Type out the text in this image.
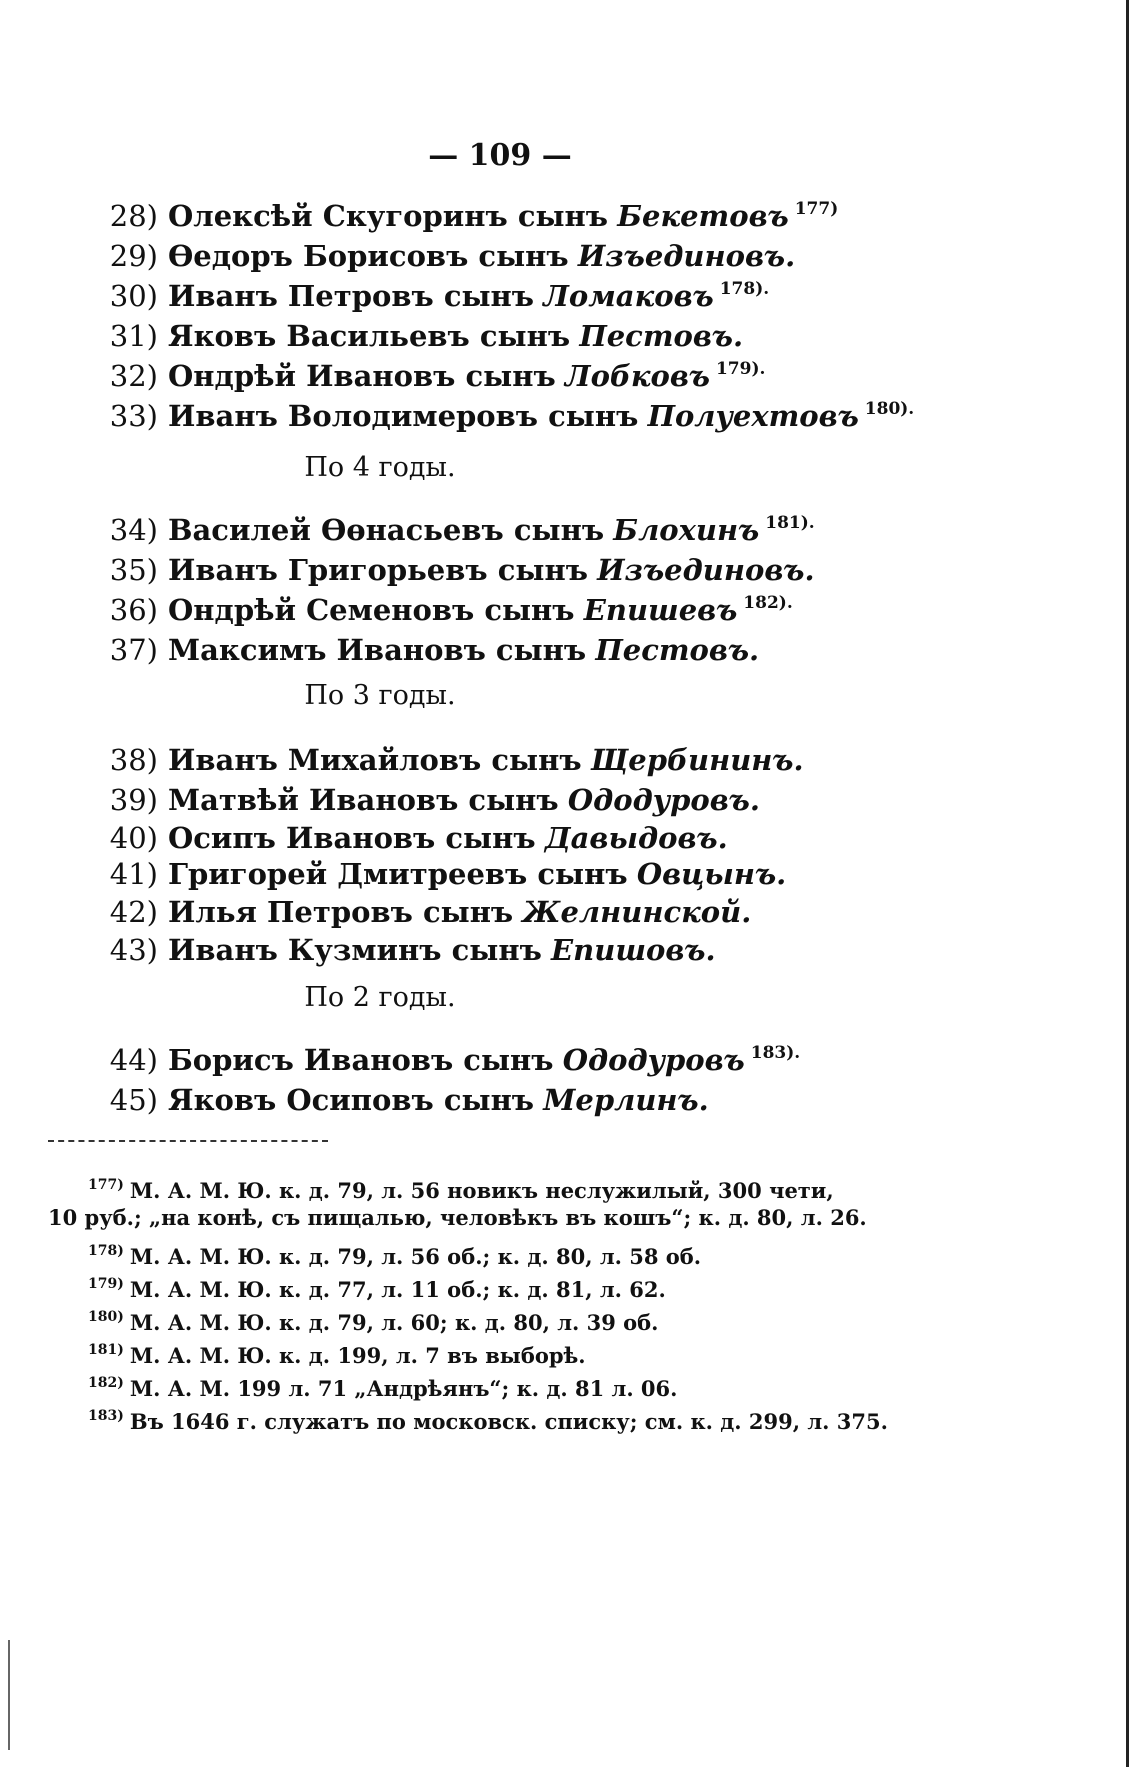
— 109 —
28) Олексѣй Скугоринъ сынъ Бекетовъ $^{177)}$
29) Өедоръ Борисовъ сынъ Изъединовъ.
30) Иванъ Петровъ сынъ Ломаковъ $^{178).}$
31) Яковъ Васильевъ сынъ Пестовъ.
32) Ондрѣй Ивановъ сынъ Лобковъ $^{179).}$
33) Иванъ Володимеровъ сынъ Полуехтовъ $^{180).}$
По 4 годы.
34) Василей Өөнасьевъ сынъ Блохинъ $^{181).}$
35) Иванъ Григорьевъ сынъ Изъединовъ.
36) Ондрѣй Семеновъ сынъ Епишевъ $^{182).}$
37) Максимъ Ивановъ сынъ Пестовъ.
По 3 годы.
38) Иванъ Михайловъ сынъ Щербининъ.
39) Матвѣй Ивановъ сынъ Ододуровъ.
40) Осипъ Ивановъ сынъ Давыдовъ.
41) Григорей Дмитреевъ сынъ Овцынъ.
42) Илья Петровъ сынъ Желнинской.
43) Иванъ Кузминъ сынъ Епишовъ.
По 2 годы.
44) Борисъ Ивановъ сынъ Ододуровъ $^{183).}$
45) Яковъ Осиповъ сынъ Мерлинъ.
$^{177)}$ М. А. М. Ю. к. д. 79, л. 56 новикъ неслужилый, 300 чети,
10 руб.; „на конѣ, съ пищалью, человѣкъ въ кошъ“; к. д. 80, л. 26.
$^{178)}$ М. А. М. Ю. к. д. 79, л. 56 об.; к. д. 80, л. 58 об.
$^{179)}$ М. А. М. Ю. к. д. 77, л. 11 об.; к. д. 81, л. 62.
$^{180)}$ М. А. М. Ю. к. д. 79, л. 60; к. д. 80, л. 39 об.
$^{181)}$ М. А. М. Ю. к. д. 199, л. 7 въ выборѣ.
$^{182)}$ М. А. М. 199 л. 71 „Андрѣянъ“; к. д. 81 л. 06.
$^{183)}$ Въ 1646 г. служатъ по московск. списку; см. к. д. 299, л. 375.
